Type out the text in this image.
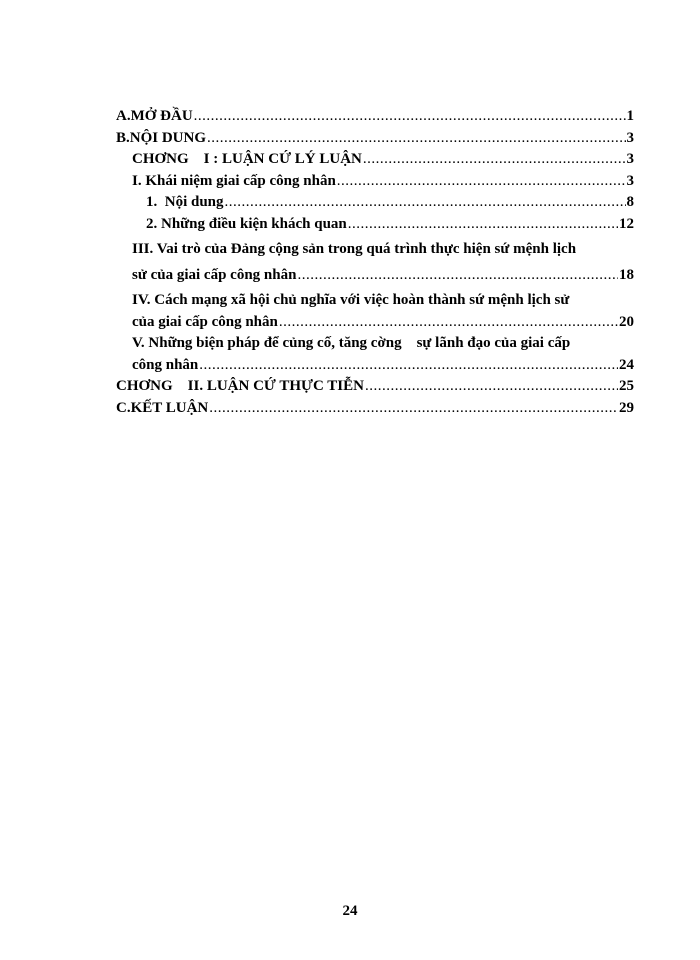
A.MỞ ĐẦU .....	1
B.NỘI DUNG .....	3
CHƠNG    I : LUẬN CỨ LÝ LUẬN .....	3
I. Khái niệm giai cấp công nhân .....	3
1.  Nội dung .....	8
2. Những điều kiện khách quan .....	12
III. Vai trò của Đảng cộng sản trong quá trình thực hiện sứ mệnh lịch
sử của giai cấp công nhân .....	18
IV. Cách mạng xã hội chủ nghĩa với việc hoàn thành sứ mệnh lịch sử
của giai cấp công nhân .....	20
V. Những biện pháp để củng cố, tăng cờng    sự lãnh đạo của giai cấp
công nhân .....	24
CHƠNG    II. LUẬN CỨ THỰC TIỄN .....	25
C.KẾT LUẬN .....	29
24
